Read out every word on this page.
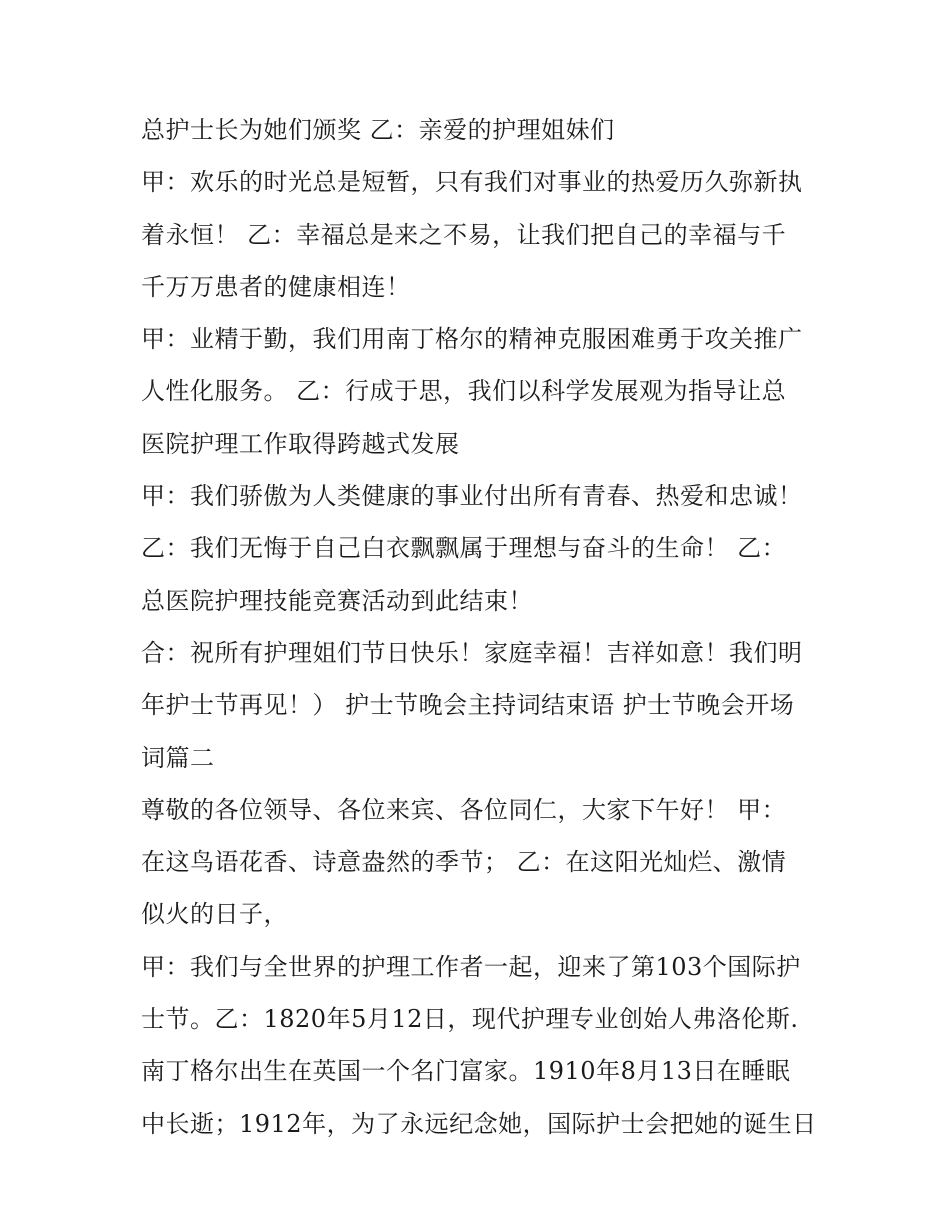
总护士长为她们颁奖 乙：亲爱的护理姐妹们
甲：欢乐的时光总是短暂，只有我们对事业的热爱历久弥新执
着永恒！ 乙：幸福总是来之不易，让我们把自己的幸福与千
千万万患者的健康相连！
甲：业精于勤，我们用南丁格尔的精神克服困难勇于攻关推广
人性化服务。 乙：行成于思，我们以科学发展观为指导让总
医院护理工作取得跨越式发展
甲：我们骄傲为人类健康的事业付出所有青春、热爱和忠诚！
乙：我们无悔于自己白衣飘飘属于理想与奋斗的生命！ 乙：
总医院护理技能竞赛活动到此结束！
合：祝所有护理姐们节日快乐！家庭幸福！吉祥如意！我们明
年护士节再见！） 护士节晚会主持词结束语 护士节晚会开场
词篇二
尊敬的各位领导、各位来宾、各位同仁，大家下午好！ 甲：
在这鸟语花香、诗意盎然的季节； 乙：在这阳光灿烂、激情
似火的日子，
甲：我们与全世界的护理工作者一起，迎来了第103个国际护
士节。乙：1820年5月12日，现代护理专业创始人弗洛伦斯.
南丁格尔出生在英国一个名门富家。1910年8月13日在睡眠
中长逝；1912年，为了永远纪念她，国际护士会把她的诞生日
